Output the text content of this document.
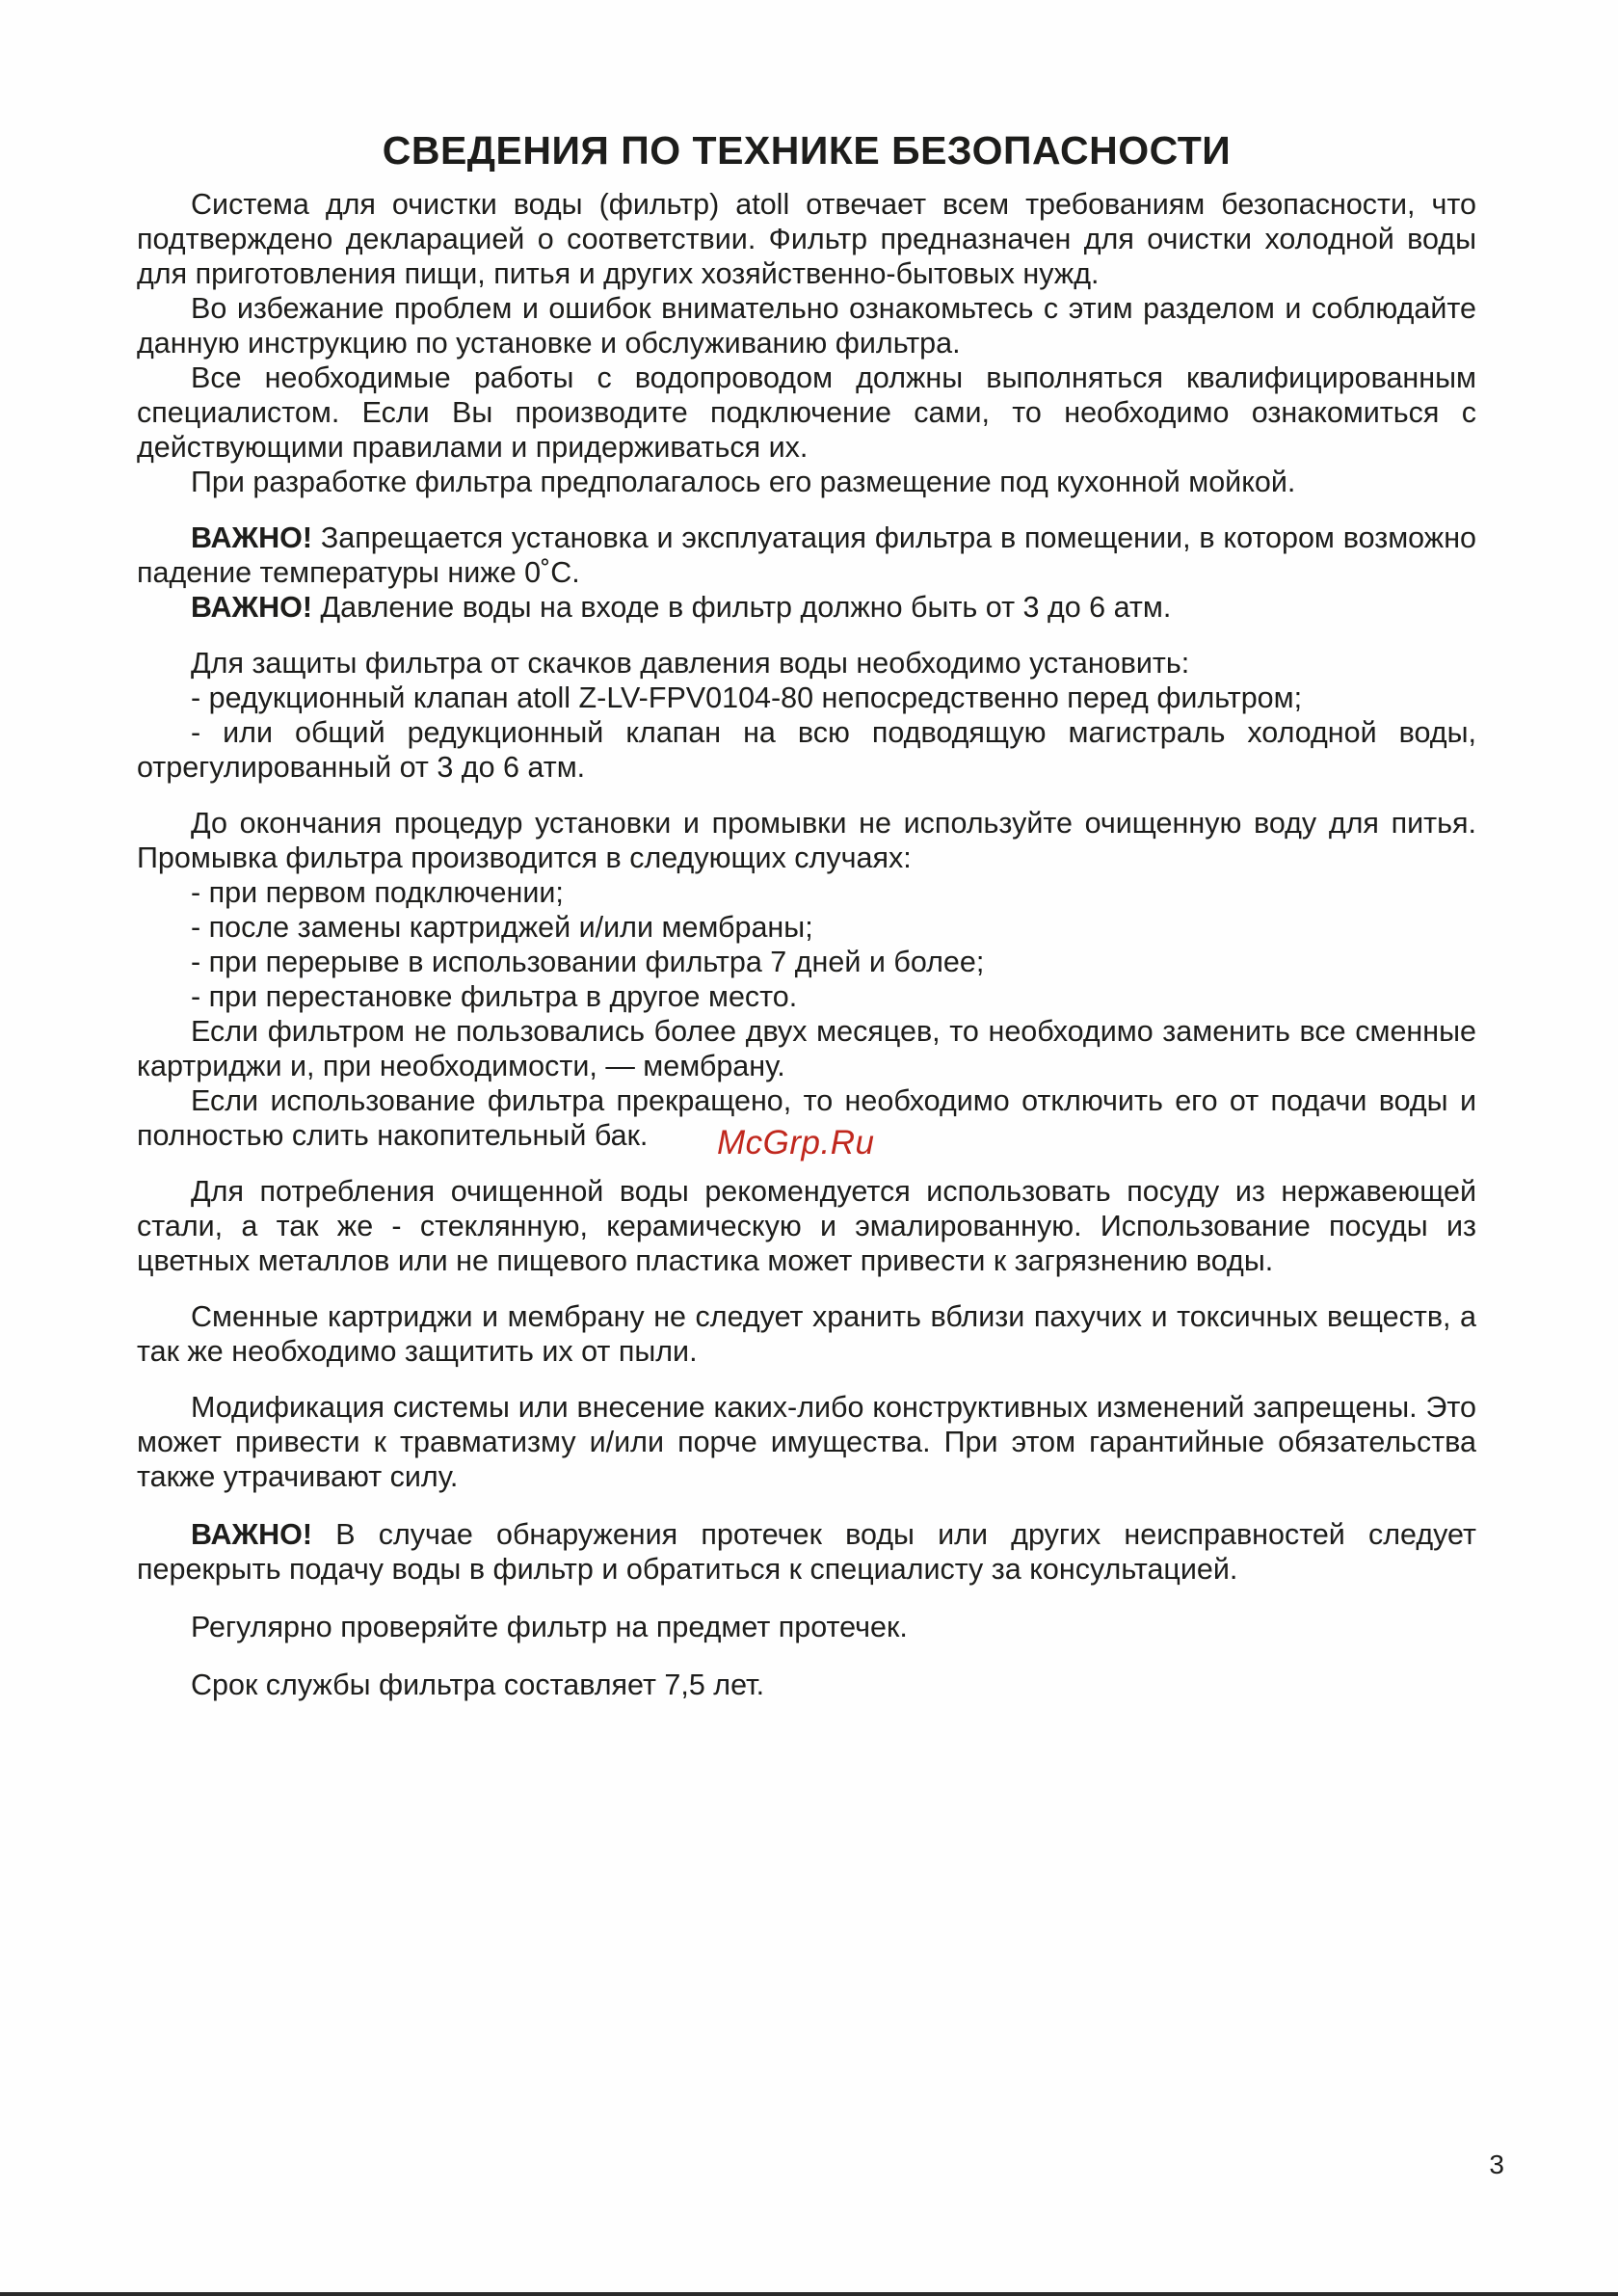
СВЕДЕНИЯ ПО ТЕХНИКЕ БЕЗОПАСНОСТИ

Система для очистки воды (фильтр) atoll отвечает всем требованиям безопасности, что подтверждено декларацией о соответствии. Фильтр предназначен для очистки холодной воды для приготовления пищи, питья и других хозяйственно-бытовых нужд.

Во избежание проблем и ошибок внимательно ознакомьтесь с этим разделом и соблюдайте данную инструкцию по установке и обслуживанию фильтра.

Все необходимые работы с водопроводом должны выполняться квалифицированным специалистом. Если Вы производите подключение сами, то необходимо ознакомиться с действующими правилами и придерживаться их.

При разработке фильтра предполагалось его размещение под кухонной мойкой.

ВАЖНО! Запрещается установка и эксплуатация фильтра в помещении, в котором возможно падение температуры ниже 0˚С.

ВАЖНО! Давление воды на входе в фильтр должно быть от 3 до 6 атм.

Для защиты фильтра от скачков давления воды необходимо установить:

- редукционный клапан atoll Z-LV-FPV0104-80 непосредственно перед фильтром;

- или общий редукционный клапан на всю подводящую магистраль холодной воды, отрегулированный от 3 до 6 атм.

До окончания процедур установки и промывки не используйте очищенную воду для питья. Промывка фильтра производится в следующих случаях:

- при первом подключении;

- после замены картриджей и/или мембраны;

- при перерыве в использовании фильтра 7 дней и более;

- при перестановке фильтра в другое место.

Если фильтром не пользовались более двух месяцев, то необходимо заменить все сменные картриджи и, при необходимости, — мембрану.

Если использование фильтра прекращено, то необходимо отключить его от подачи воды и полностью слить накопительный бак.

Для потребления очищенной воды рекомендуется использовать посуду из нержавеющей стали, а так же - стеклянную, керамическую и эмалированную. Использование посуды из цветных металлов или не пищевого пластика может привести к загрязнению воды.

Сменные картриджи и мембрану не следует хранить вблизи пахучих и токсичных веществ, а так же необходимо защитить их от пыли.

Модификация системы или внесение каких-либо конструктивных изменений запрещены. Это может привести к травматизму и/или порче имущества. При этом гарантийные обязательства также утрачивают силу.

ВАЖНО! В случае обнаружения протечек воды или других неисправностей следует перекрыть подачу воды в фильтр и обратиться к специалисту за консультацией.

Регулярно проверяйте фильтр на предмет протечек.

Срок службы фильтра составляет 7,5 лет.

McGrp.Ru
3
